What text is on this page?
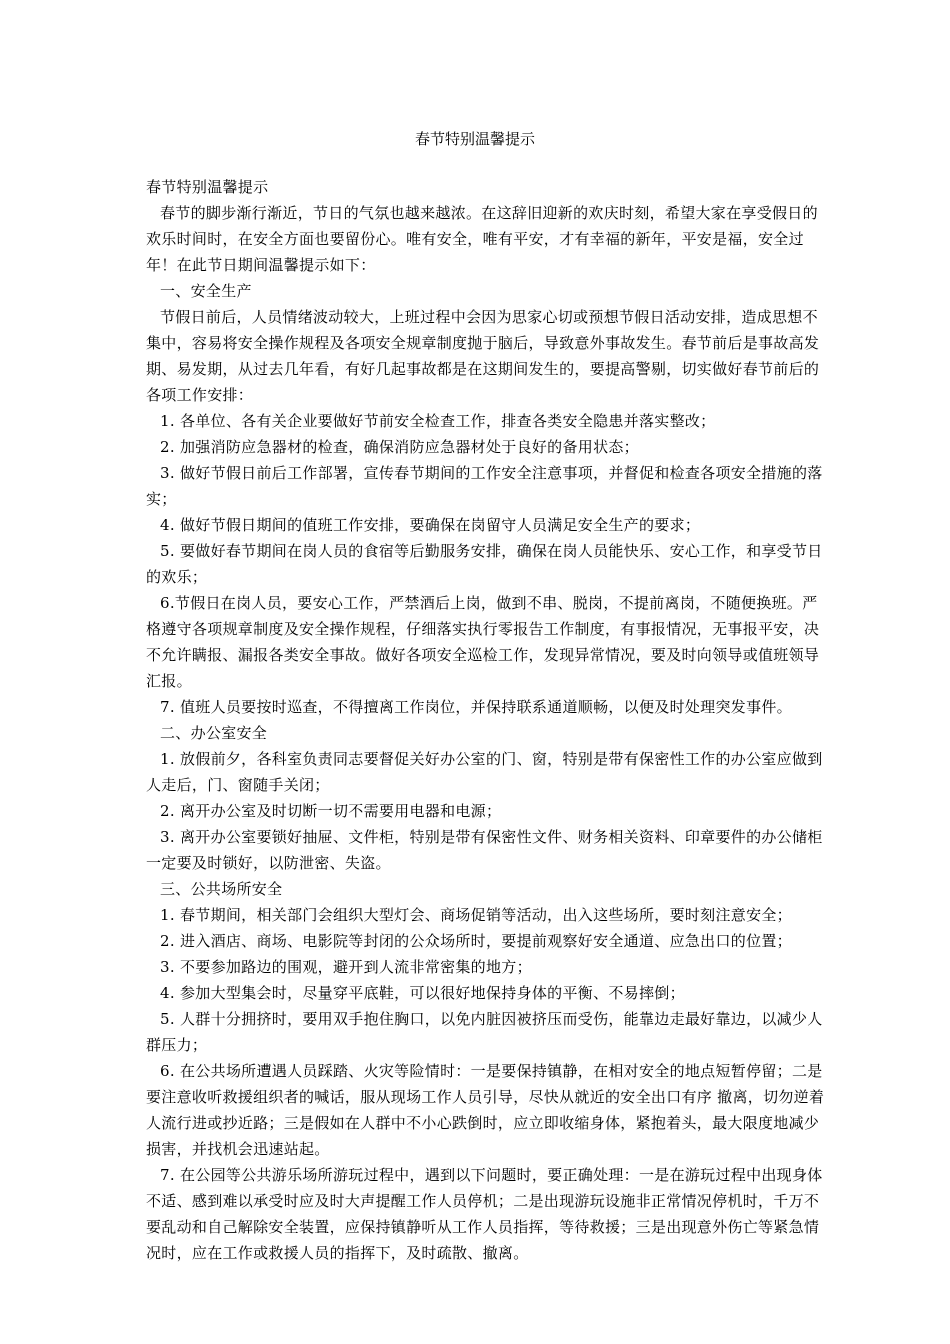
春节特别温馨提示

春节特别温馨提示

春节的脚步渐行渐近，节日的气氛也越来越浓。在这辞旧迎新的欢庆时刻，希望大家在享受假日的欢乐时间时，在安全方面也要留份心。唯有安全，唯有平安，才有幸福的新年，平安是福，安全过年！在此节日期间温馨提示如下：

一、安全生产

节假日前后，人员情绪波动较大，上班过程中会因为思家心切或预想节假日活动安排，造成思想不集中，容易将安全操作规程及各项安全规章制度抛于脑后，导致意外事故发生。春节前后是事故高发期、易发期，从过去几年看，有好几起事故都是在这期间发生的，要提高警剔，切实做好春节前后的各项工作安排：

1. 各单位、各有关企业要做好节前安全检查工作，排查各类安全隐患并落实整改；

2. 加强消防应急器材的检查，确保消防应急器材处于良好的备用状态；

3. 做好节假日前后工作部署，宣传春节期间的工作安全注意事项，并督促和检查各项安全措施的落实；

4. 做好节假日期间的值班工作安排，要确保在岗留守人员满足安全生产的要求；

5. 要做好春节期间在岗人员的食宿等后勤服务安排，确保在岗人员能快乐、安心工作，和享受节日的欢乐；

6.节假日在岗人员，要安心工作，严禁酒后上岗，做到不串、脱岗，不提前离岗，不随便换班。严格遵守各项规章制度及安全操作规程，仔细落实执行零报告工作制度，有事报情况，无事报平安，决不允许瞒报、漏报各类安全事故。做好各项安全巡检工作，发现异常情况，要及时向领导或值班领导汇报。

7. 值班人员要按时巡查，不得擅离工作岗位，并保持联系通道顺畅，以便及时处理突发事件。

二、办公室安全

1. 放假前夕，各科室负责同志要督促关好办公室的门、窗，特别是带有保密性工作的办公室应做到人走后，门、窗随手关闭；

2. 离开办公室及时切断一切不需要用电器和电源；

3. 离开办公室要锁好抽屉、文件柜，特别是带有保密性文件、财务相关资料、印章要件的办公储柜一定要及时锁好，以防泄密、失盗。

三、公共场所安全

1. 春节期间，相关部门会组织大型灯会、商场促销等活动，出入这些场所，要时刻注意安全；

2. 进入酒店、商场、电影院等封闭的公众场所时，要提前观察好安全通道、应急出口的位置；

3. 不要参加路边的围观，避开到人流非常密集的地方；

4. 参加大型集会时，尽量穿平底鞋，可以很好地保持身体的平衡、不易摔倒；

5. 人群十分拥挤时，要用双手抱住胸口，以免内脏因被挤压而受伤，能靠边走最好靠边，以减少人群压力；

6. 在公共场所遭遇人员踩踏、火灾等险情时：一是要保持镇静，在相对安全的地点短暂停留；二是要注意收听救援组织者的喊话，服从现场工作人员引导，尽快从就近的安全出口有序 撤离，切勿逆着人流行进或抄近路；三是假如在人群中不小心跌倒时，应立即收缩身体，紧抱着头，最大限度地减少损害，并找机会迅速站起。

7. 在公园等公共游乐场所游玩过程中，遇到以下问题时，要正确处理：一是在游玩过程中出现身体不适、感到难以承受时应及时大声提醒工作人员停机；二是出现游玩设施非正常情况停机时，千万不要乱动和自己解除安全装置，应保持镇静听从工作人员指挥，等待救援；三是出现意外伤亡等紧急情况时，应在工作或救援人员的指挥下，及时疏散、撤离。
